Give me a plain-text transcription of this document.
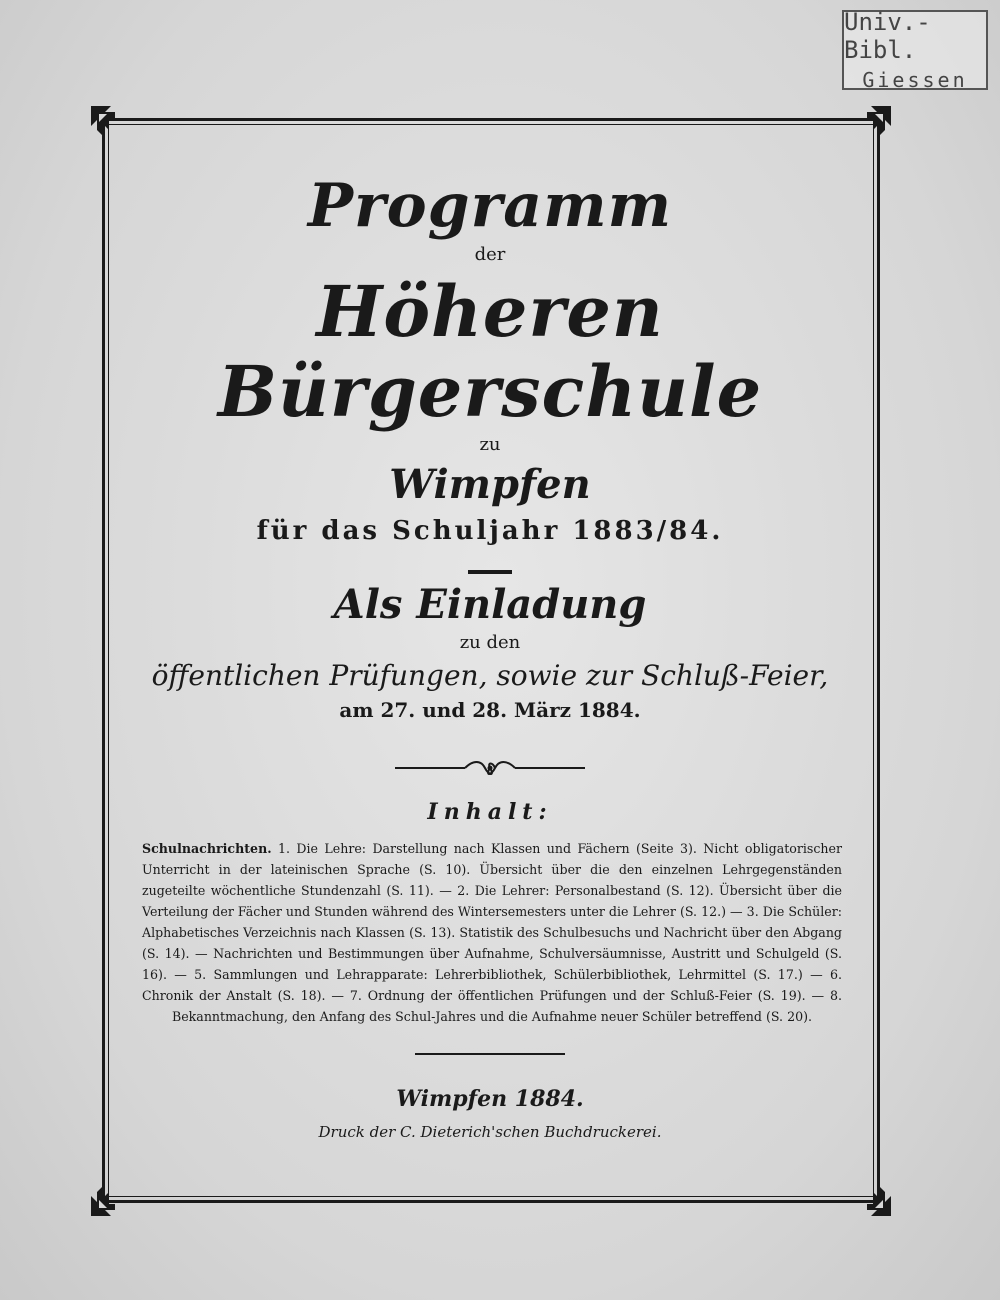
Univ.-Bibl.
Giessen
Programm
der
Höheren Bürgerschule
zu
Wimpfen
für das Schuljahr 1883/84.
Als Einladung
zu den
öffentlichen Prüfungen, sowie zur Schluß-Feier,
am 27. und 28. März 1884.
Inhalt:
Schulnachrichten. 1. Die Lehre: Darstellung nach Klassen und Fächern (Seite 3). Nicht obligatorischer Unterricht in der lateinischen Sprache (S. 10). Übersicht über die den einzelnen Lehrgegenständen zugeteilte wöchentliche Stundenzahl (S. 11). — 2. Die Lehrer: Personalbestand (S. 12). Übersicht über die Verteilung der Fächer und Stunden während des Wintersemesters unter die Lehrer (S. 12.) — 3. Die Schüler: Alphabetisches Verzeichnis nach Klassen (S. 13). Statistik des Schulbesuchs und Nachricht über den Abgang (S. 14). — Nachrichten und Bestimmungen über Aufnahme, Schulversäumnisse, Austritt und Schulgeld (S. 16). — 5. Sammlungen und Lehrapparate: Lehrerbibliothek, Schülerbibliothek, Lehrmittel (S. 17.) — 6. Chronik der Anstalt (S. 18). — 7. Ordnung der öffentlichen Prüfungen und der Schluß-Feier (S. 19). — 8. Bekanntmachung, den Anfang des Schul-Jahres und die Aufnahme neuer Schüler betreffend (S. 20).
Wimpfen 1884.
Druck der C. Dieterich'schen Buchdruckerei.
